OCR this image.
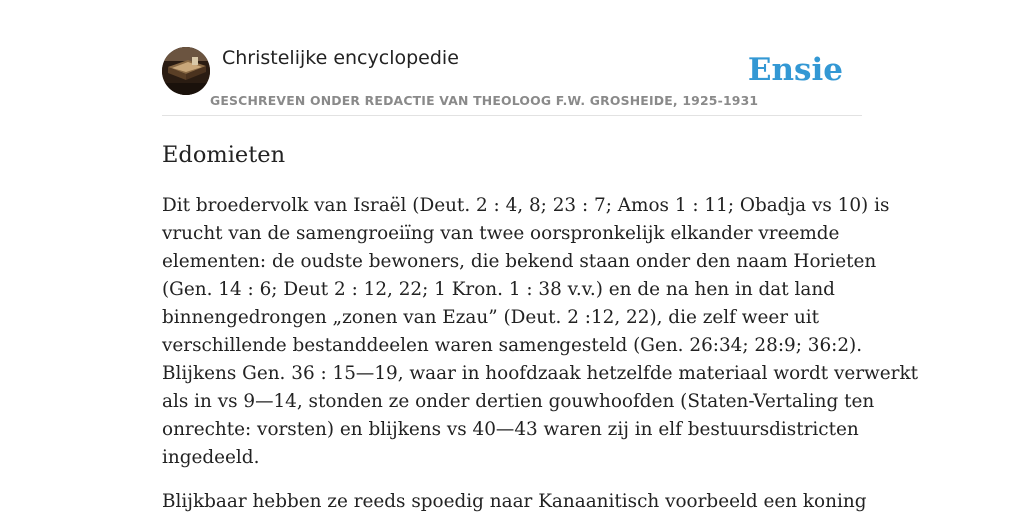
Christelijke encyclopedie
GESCHREVEN ONDER REDACTIE VAN THEOLOOG F.W. GROSHEIDE, 1925-1931
Ensie
Edomieten

Dit broedervolk van Israël (Deut. 2 : 4, 8; 23 : 7; Amos 1 : 11; Obadja vs 10) is
vrucht van de samengroeiïng van twee oorspronkelijk elkander vreemde
elementen: de oudste bewoners, die bekend staan onder den naam Horieten
(Gen. 14 : 6; Deut 2 : 12, 22; 1 Kron. 1 : 38 v.v.) en de na hen in dat land
binnengedrongen „zonen van Ezau” (Deut. 2 :12, 22), die zelf weer uit
verschillende bestanddeelen waren samengesteld (Gen. 26:34; 28:9; 36:2).
Blijkens Gen. 36 : 15—19, waar in hoofdzaak hetzelfde materiaal wordt verwerkt
als in vs 9—14, stonden ze onder dertien gouwhoofden (Staten-Vertaling ten
onrechte: vorsten) en blijkens vs 40—43 waren zij in elf bestuursdistricten
ingedeeld.

Blijkbaar hebben ze reeds spoedig naar Kanaanitisch voorbeeld een koning
